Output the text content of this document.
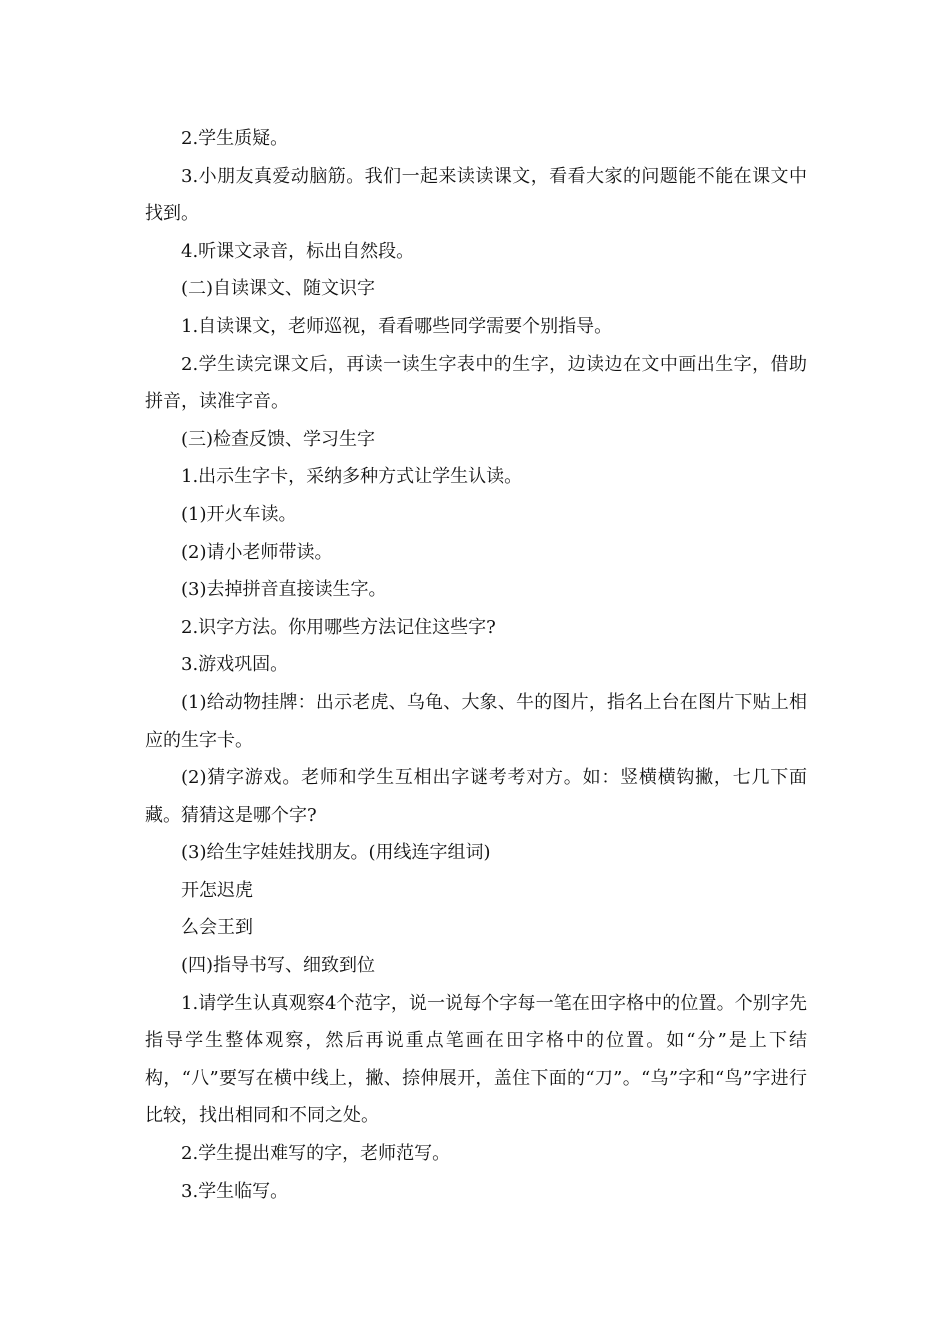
2.学生质疑。

3.小朋友真爱动脑筋。我们一起来读读课文，看看大家的问题能不能在课文中找到。

4.听课文录音，标出自然段。

(二)自读课文、随文识字

1.自读课文，老师巡视，看看哪些同学需要个别指导。

2.学生读完课文后，再读一读生字表中的生字，边读边在文中画出生字，借助拼音，读准字音。

(三)检查反馈、学习生字

1.出示生字卡，采纳多种方式让学生认读。

(1)开火车读。

(2)请小老师带读。

(3)去掉拼音直接读生字。

2.识字方法。你用哪些方法记住这些字?

3.游戏巩固。

(1)给动物挂牌：出示老虎、乌龟、大象、牛的图片，指名上台在图片下贴上相应的生字卡。

(2)猜字游戏。老师和学生互相出字谜考考对方。如：竖横横钩撇，七几下面藏。猜猜这是哪个字?

(3)给生字娃娃找朋友。(用线连字组词)

开怎迟虎

么会王到

(四)指导书写、细致到位

1.请学生认真观察4个范字，说一说每个字每一笔在田字格中的位置。个别字先指导学生整体观察，然后再说重点笔画在田字格中的位置。如“分”是上下结构，“八”要写在横中线上，撇、捺伸展开，盖住下面的“刀”。“乌”字和“鸟”字进行比较，找出相同和不同之处。

2.学生提出难写的字，老师范写。

3.学生临写。
